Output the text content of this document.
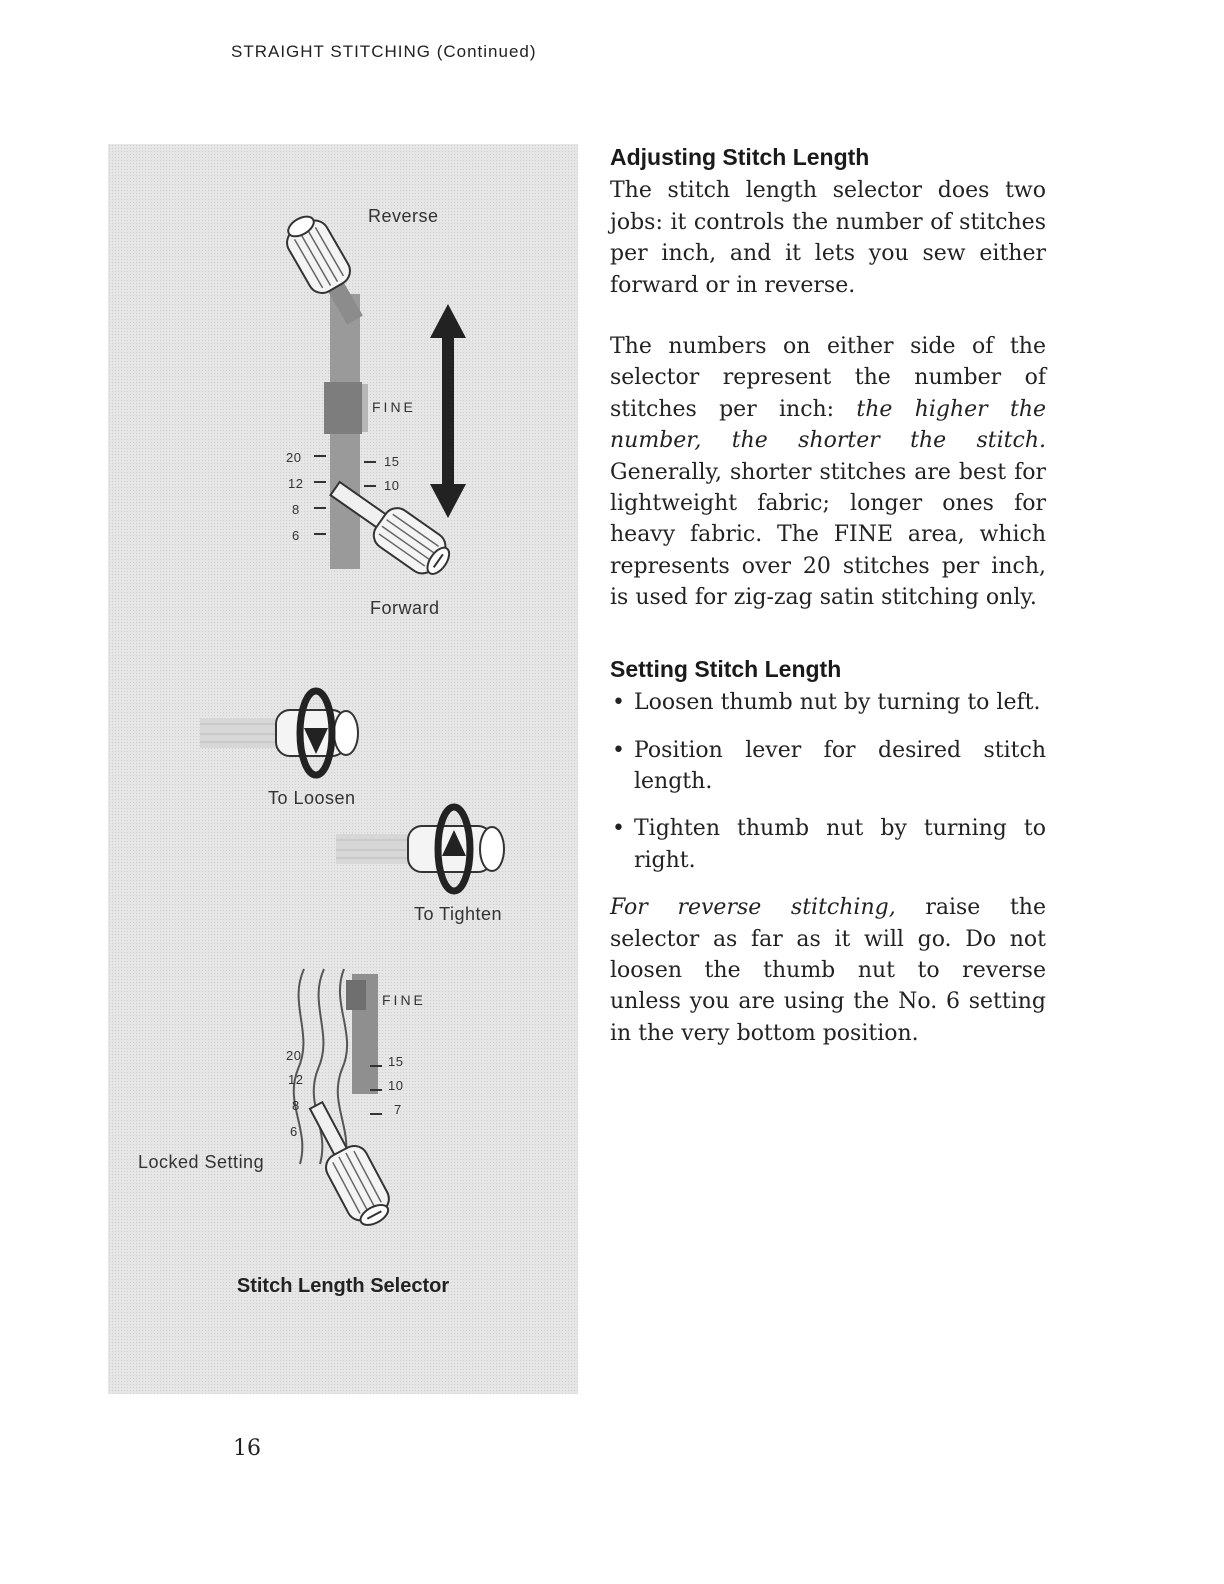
STRAIGHT STITCHING (Continued)
Reverse
FINE
20
12
8
6
15
10
Forward
To Loosen
To Tighten
FINE
20
12
8
6
15
10
7
Locked Setting
Stitch Length Selector
Adjusting Stitch Length

The stitch length selector does two jobs: it controls the number of stitches per inch, and it lets you sew either forward or in reverse.

The numbers on either side of the selector represent the number of stitches per inch: the higher the number, the shorter the stitch. Generally, shorter stitches are best for lightweight fabric; longer ones for heavy fabric. The FINE area, which represents over 20 stitches per inch, is used for zig-zag satin stitching only.

Setting Stitch Length
• Loosen thumb nut by turning to left.
• Position lever for desired stitch length.
• Tighten thumb nut by turning to right.

For reverse stitching, raise the selector as far as it will go. Do not loosen the thumb nut to reverse unless you are using the No. 6 setting in the very bottom position.

16
